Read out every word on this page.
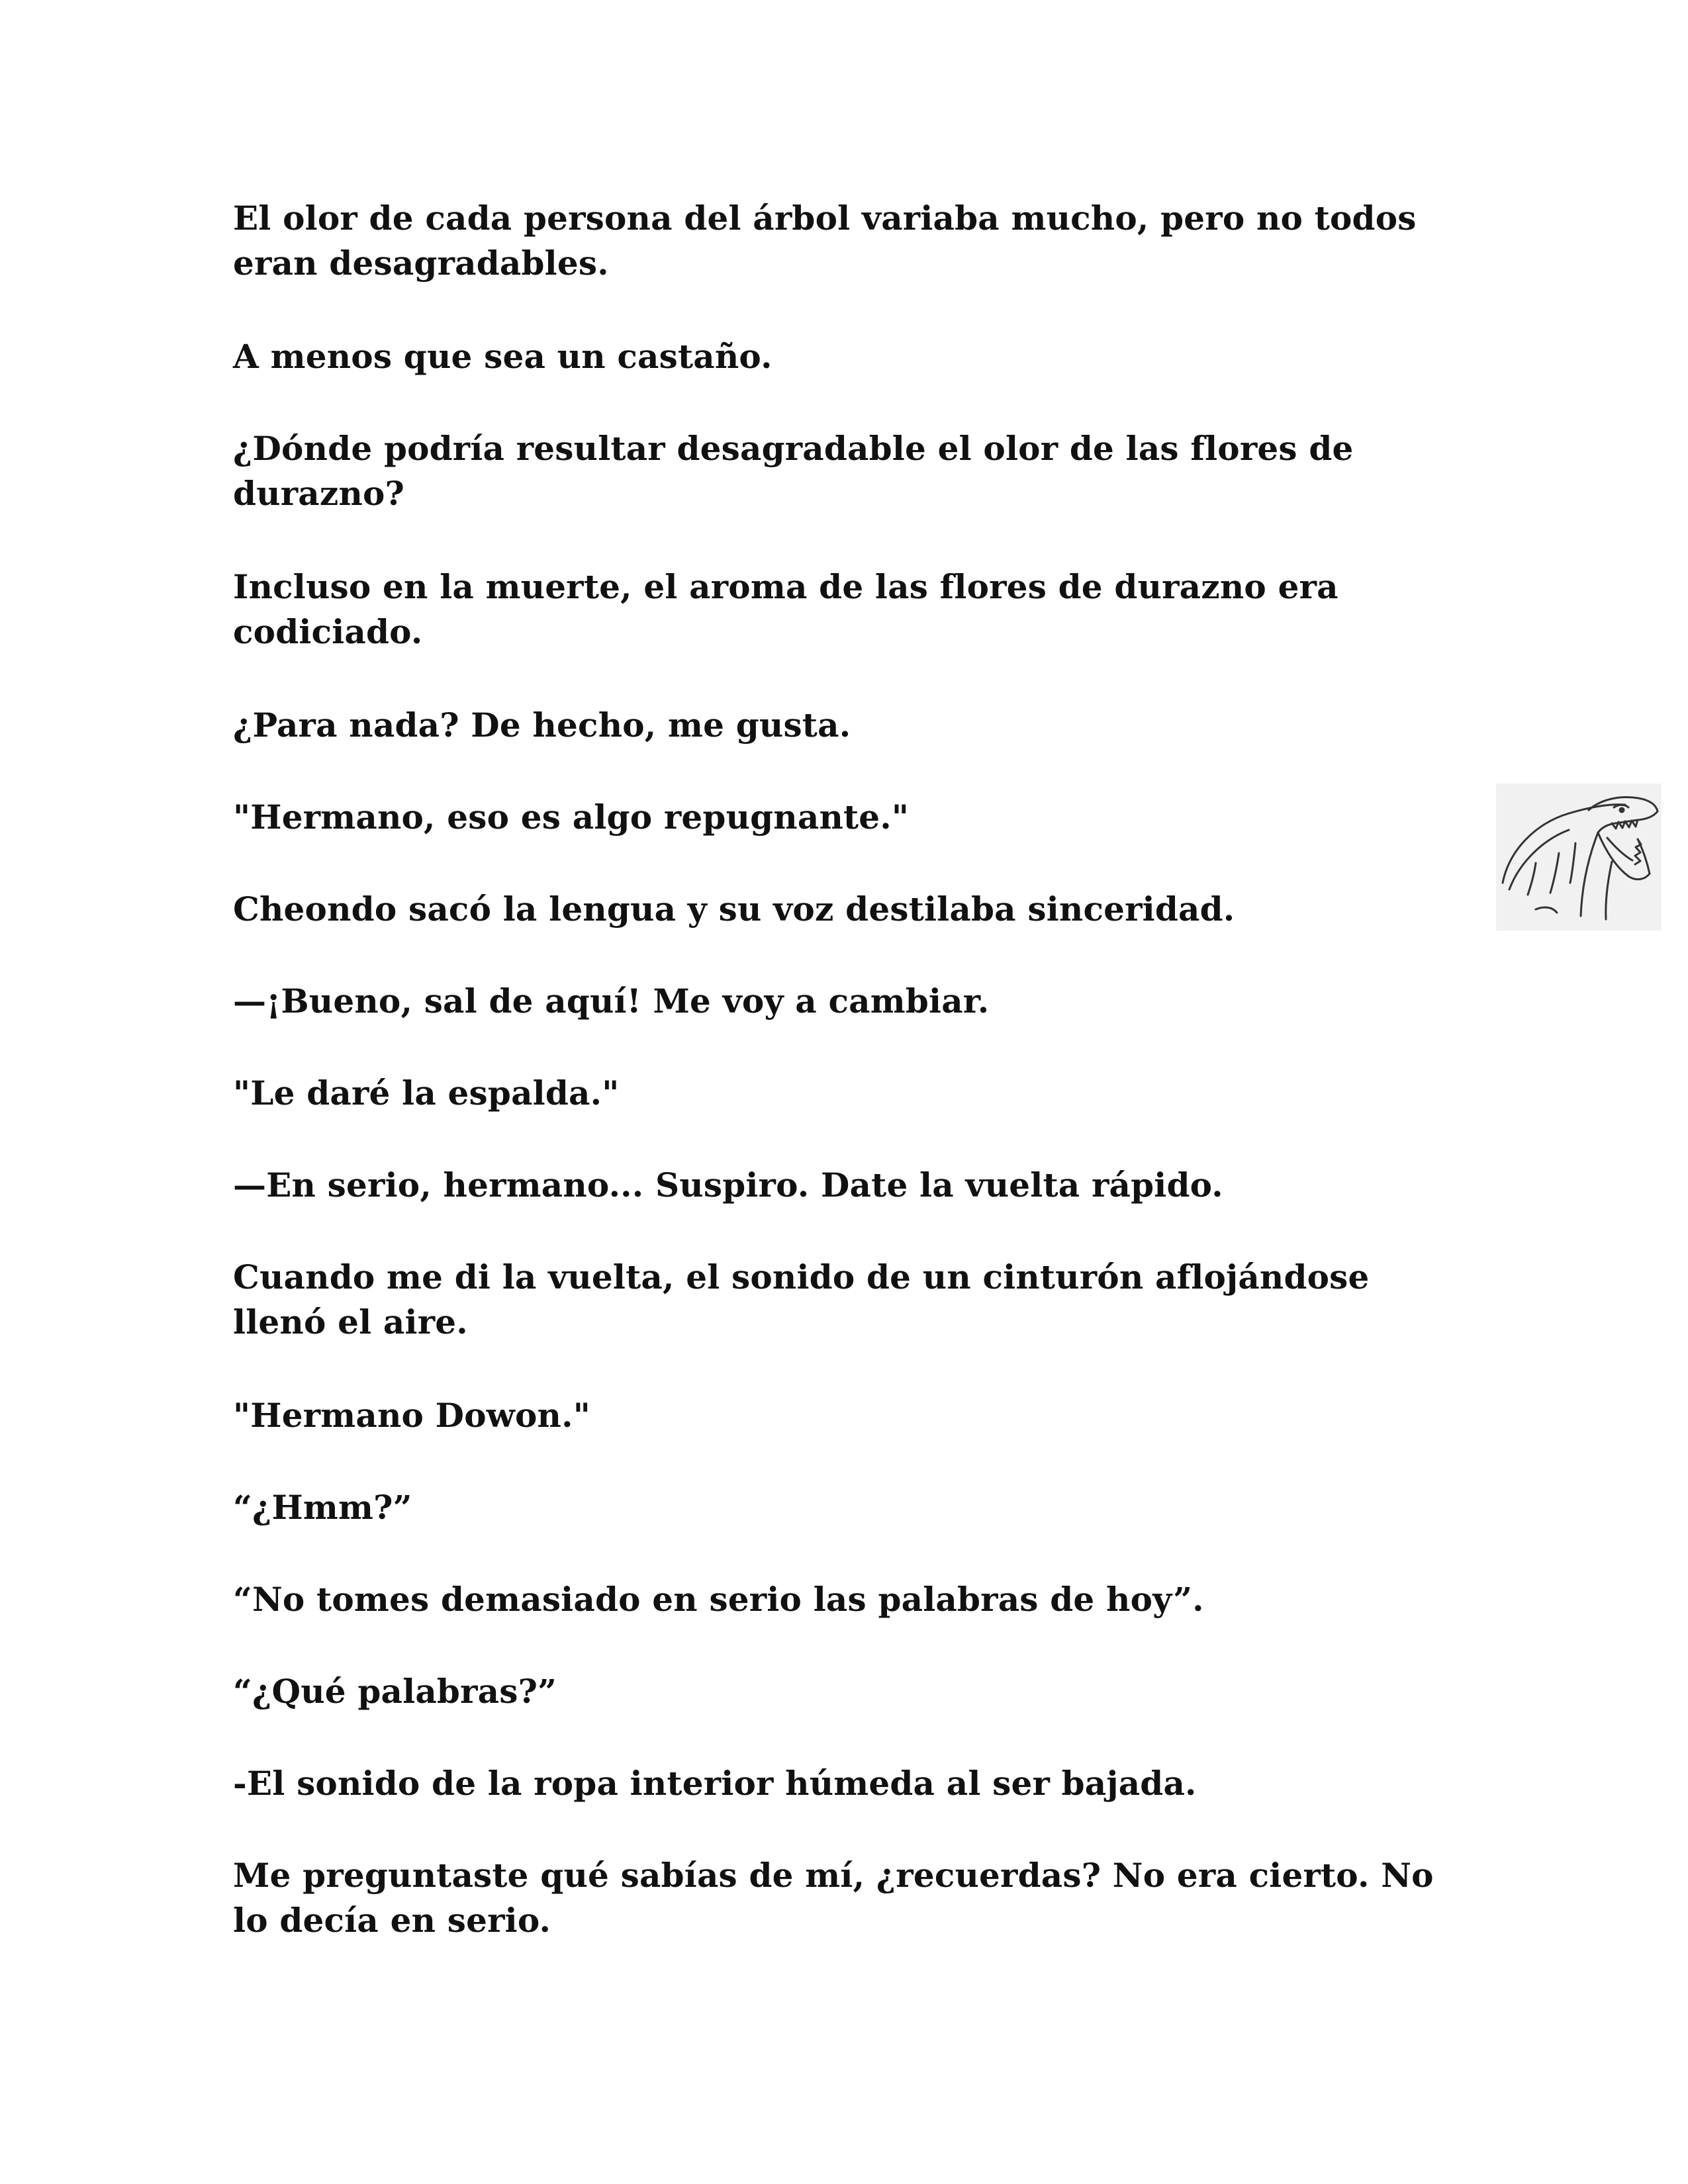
El olor de cada persona del árbol variaba mucho, pero no todos eran desagradables.

A menos que sea un castaño.

¿Dónde podría resultar desagradable el olor de las flores de durazno?

Incluso en la muerte, el aroma de las flores de durazno era codiciado.

¿Para nada? De hecho, me gusta.

"Hermano, eso es algo repugnante."

Cheondo sacó la lengua y su voz destilaba sinceridad.

—¡Bueno, sal de aquí! Me voy a cambiar.

"Le daré la espalda."

—En serio, hermano... Suspiro. Date la vuelta rápido.

Cuando me di la vuelta, el sonido de un cinturón aflojándose llenó el aire.

"Hermano Dowon."

“¿Hmm?”

“No tomes demasiado en serio las palabras de hoy”.

“¿Qué palabras?”

-El sonido de la ropa interior húmeda al ser bajada.

Me preguntaste qué sabías de mí, ¿recuerdas? No era cierto. No lo decía en serio.
